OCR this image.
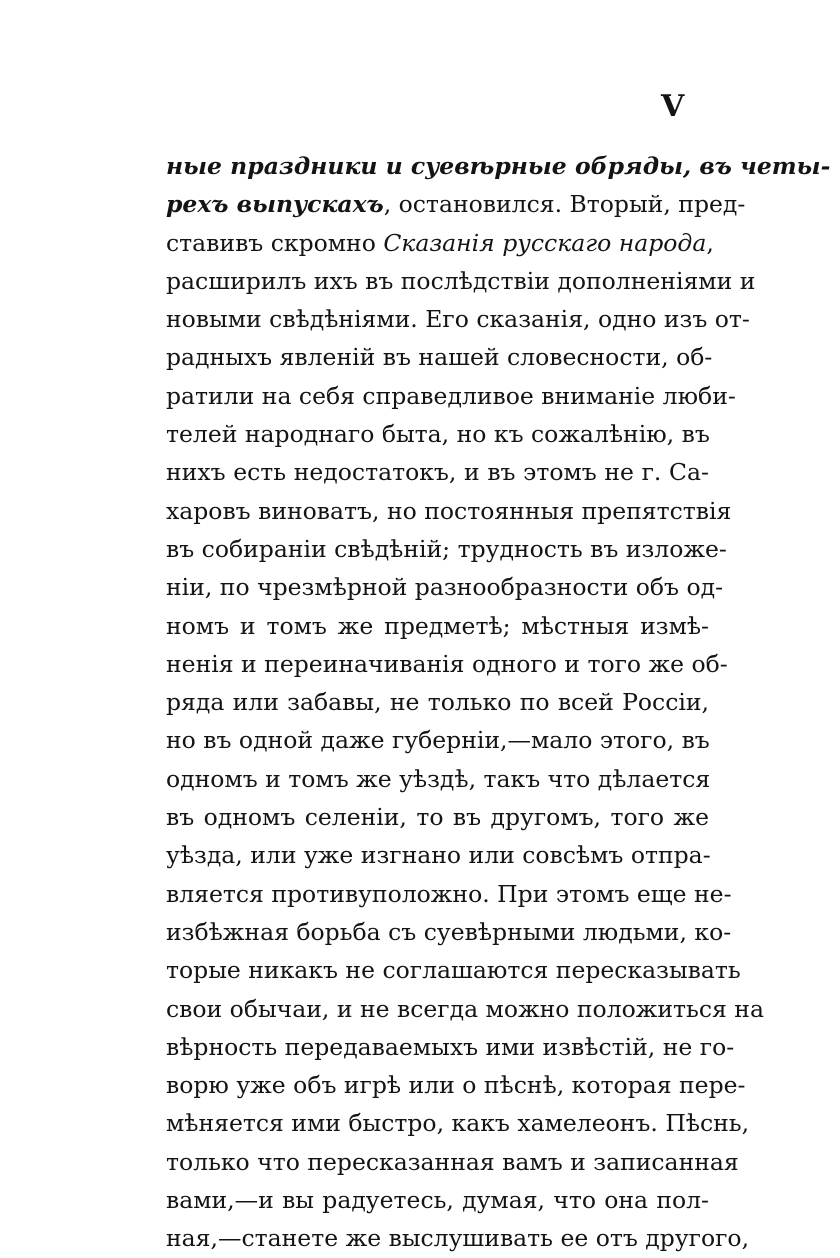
V
ные праздники и суевѣрные обряды, въ четы-
рехъ выпускахъ, остановился. Вторый, пред-
ставивъ скромно Сказанія русскаго народа,
расширилъ ихъ въ послѣдствіи дополненіями и
новыми свѣдѣніями. Его сказанія, одно изъ от-
радныхъ явленій въ нашей словесности, об-
ратили на себя справедливое вниманіе люби-
телей народнаго быта, но къ сожалѣнію, въ
нихъ есть недостатокъ, и въ этомъ не г. Са-
харовъ виноватъ, но постоянныя препятствія
въ собираніи свѣдѣній; трудность въ изложе-
ніи, по чрезмѣрной разнообразности объ од-
номъ и томъ же предметѣ; мѣстныя измѣ-
ненія и переиначиванія одного и того же об-
ряда или забавы, не только по всей Россіи,
но въ одной даже губерніи,—мало этого, въ
одномъ и томъ же уѣздѣ, такъ что дѣлается
въ одномъ селеніи, то въ другомъ, того же
уѣзда, или уже изгнано или совсѣмъ отпра-
вляется противуположно. При этомъ еще не-
избѣжная борьба съ суевѣрными людьми, ко-
торые никакъ не соглашаются пересказывать
свои обычаи, и не всегда можно положиться на
вѣрность передаваемыхъ ими извѣстій, не го-
ворю уже объ игрѣ или о пѣснѣ, которая пере-
мѣняется ими быстро, какъ хамелеонъ. Пѣснь,
только что пересказанная вамъ и записанная
вами,—и вы радуетесь, думая, что она пол-
ная,—станете же выслушивать ее отъ другого,
